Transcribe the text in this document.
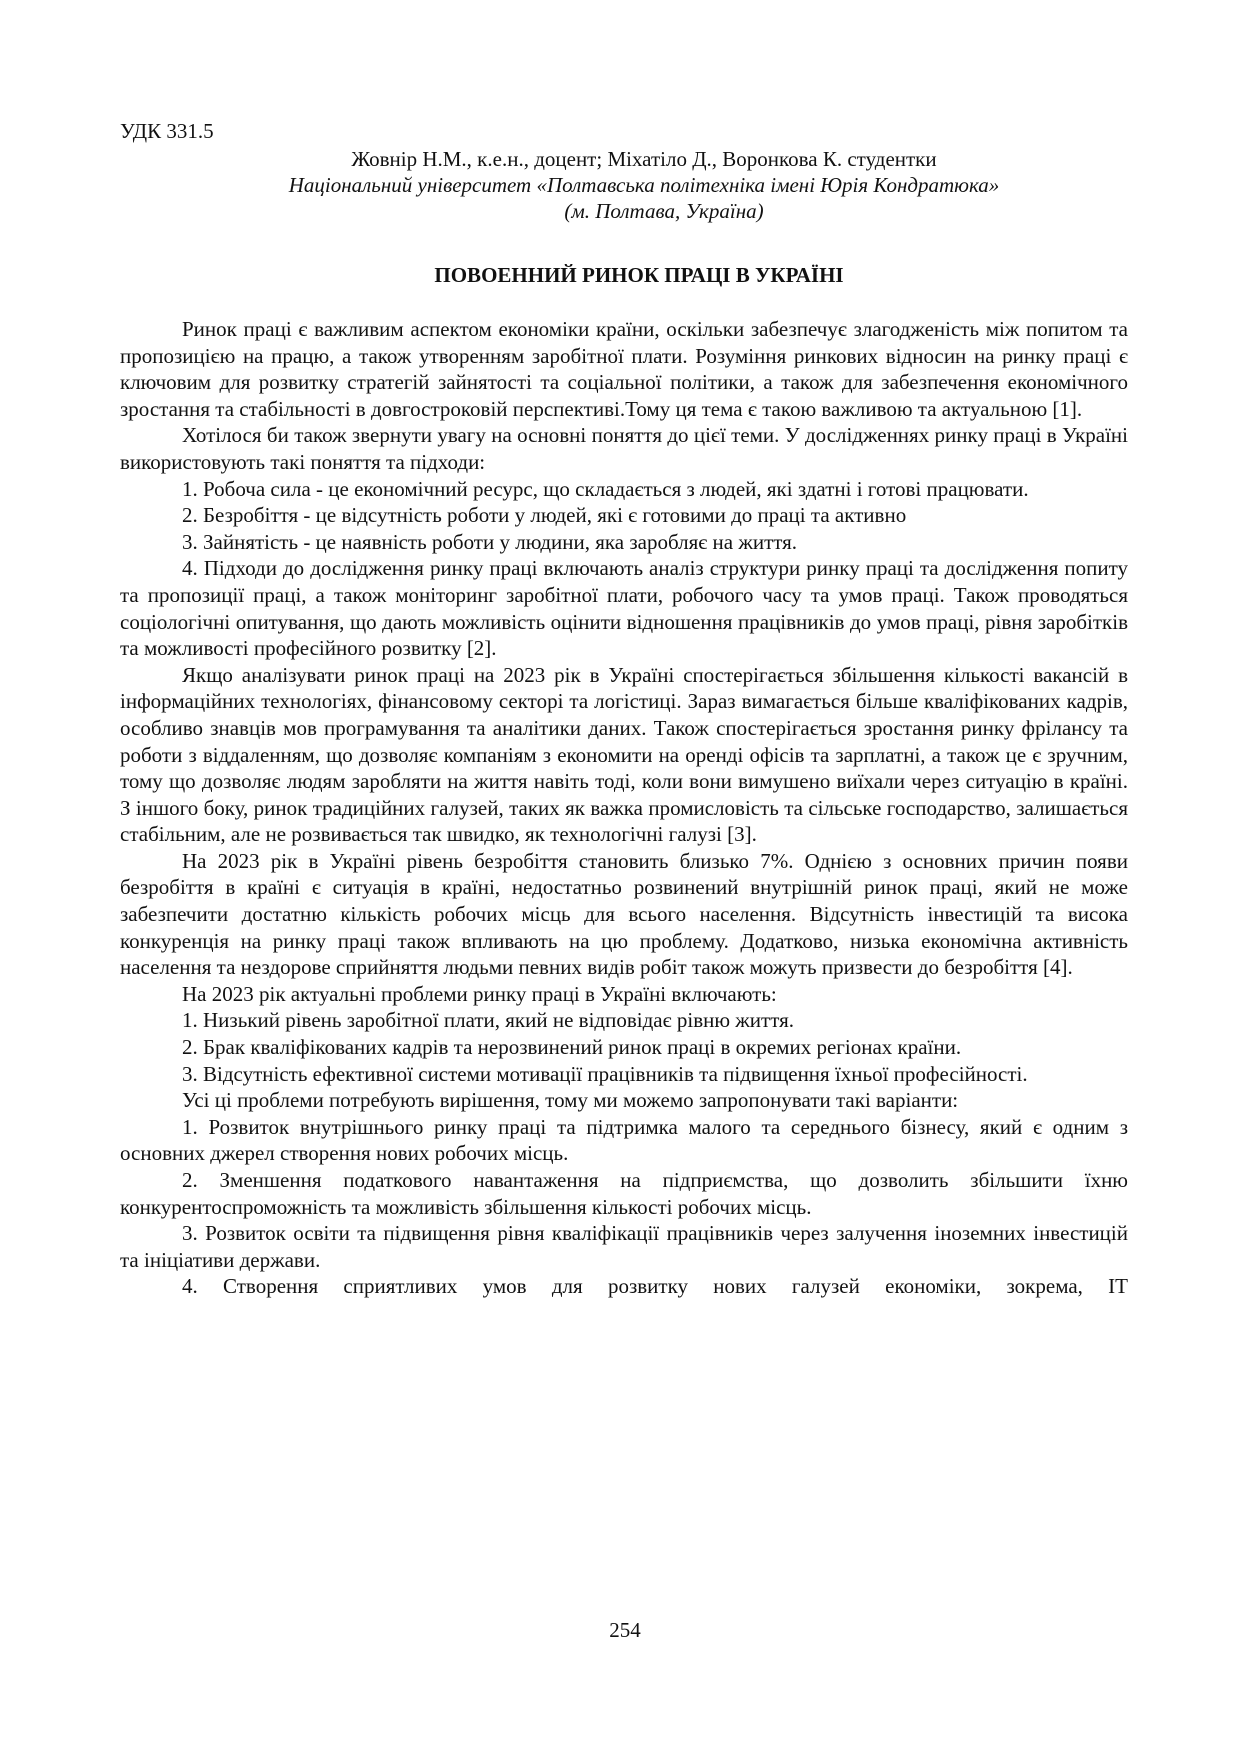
УДК 331.5

Жовнір Н.М., к.е.н., доцент; Міхатіло Д., Воронкова К. студентки

Національний університет «Полтавська політехніка імені Юрія Кондратюка»

(м. Полтава, Україна)

ПОВОЕННИЙ РИНОК ПРАЦІ В УКРАЇНІ

Ринок праці є важливим аспектом економіки країни, оскільки забезпечує злагодженість між попитом та пропозицією на працю, а також утворенням заробітної плати. Розуміння ринкових відносин на ринку праці є ключовим для розвитку стратегій зайнятості та соціальної політики, а також для забезпечення економічного зростання та стабільності в довгостроковій перспективі.Тому ця тема є такою важливою та актуальною [1].

Хотілося би також звернути увагу на основні поняття до цієї теми. У дослідженнях ринку праці в Україні використовують такі поняття та підходи:

1. Робоча сила - це економічний ресурс, що складається з людей, які здатні і готові працювати.

2. Безробіття - це відсутність роботи у людей, які є готовими до праці та активно

3. Зайнятість - це наявність роботи у людини, яка заробляє на життя.

4. Підходи до дослідження ринку праці включають аналіз структури ринку праці та дослідження попиту та пропозиції праці, а також моніторинг заробітної плати, робочого часу та умов праці. Також проводяться соціологічні опитування, що дають можливість оцінити відношення працівників до умов праці, рівня заробітків та можливості професійного розвитку [2].

Якщо аналізувати ринок праці на 2023 рік в Україні спостерігається збільшення кількості вакансій в інформаційних технологіях, фінансовому секторі та логістиці. Зараз вимагається більше кваліфікованих кадрів, особливо знавців мов програмування та аналітики даних. Також спостерігається зростання ринку фрілансу та роботи з віддаленням, що дозволяє компаніям з економити на оренді офісів та зарплатні, а також це є зручним, тому що дозволяє людям заробляти на життя навіть тоді, коли вони вимушено виїхали через ситуацію в країні. З іншого боку, ринок традиційних галузей, таких як важка промисловість та сільське господарство, залишається стабільним, але не розвивається так швидко, як технологічні галузі [3].

На 2023 рік в Україні рівень безробіття становить близько 7%. Однією з основних причин появи безробіття в країні є ситуація в країні, недостатньо розвинений внутрішній ринок праці, який не може забезпечити достатню кількість робочих місць для всього населення. Відсутність інвестицій та висока конкуренція на ринку праці також впливають на цю проблему. Додатково, низька економічна активність населення та нездорове сприйняття людьми певних видів робіт також можуть призвести до безробіття [4].

На 2023 рік актуальні проблеми ринку праці в Україні включають:

1. Низький рівень заробітної плати, який не відповідає рівню життя.

2. Брак кваліфікованих кадрів та нерозвинений ринок праці в окремих регіонах країни.

3. Відсутність ефективної системи мотивації працівників та підвищення їхньої професійності.

Усі ці проблеми потребують вирішення, тому ми можемо запропонувати такі варіанти:

1. Розвиток внутрішнього ринку праці та підтримка малого та середнього бізнесу, який є одним з основних джерел створення нових робочих місць.

2. Зменшення податкового навантаження на підприємства, що дозволить збільшити їхню конкурентоспроможність та можливість збільшення кількості робочих місць.

3. Розвиток освіти та підвищення рівня кваліфікації працівників через залучення іноземних інвестицій та ініціативи держави.

4. Створення сприятливих умов для розвитку нових галузей економіки, зокрема, IT

254
